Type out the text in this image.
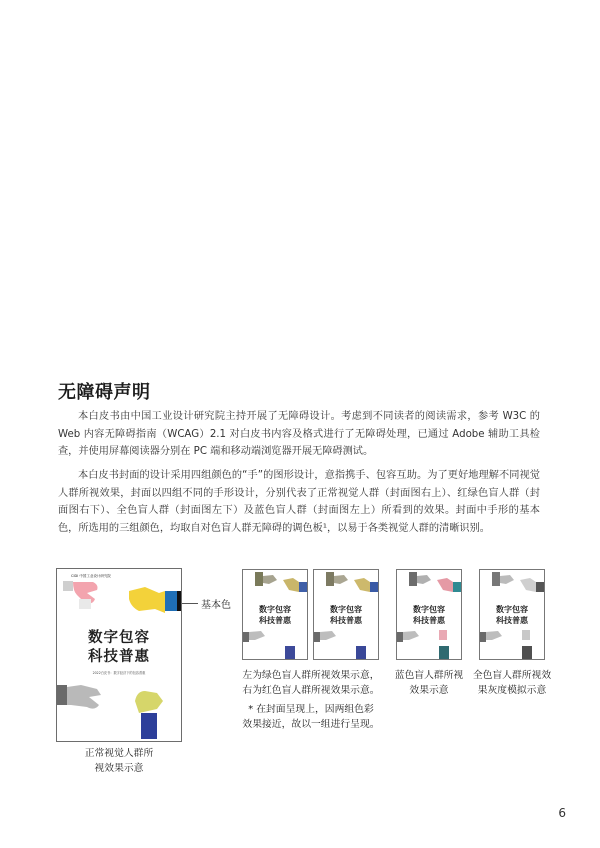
无障碍声明

本白皮书由中国工业设计研究院主持开展了无障碍设计。考虑到不同读者的阅读需求，参考 W3C 的 Web 内容无障碍指南（WCAG）2.1 对白皮书内容及格式进行了无障碍处理，已通过 Adobe 辅助工具检查，并使用屏幕阅读器分别在 PC 端和移动端浏览器开展无障碍测试。

本白皮书封面的设计采用四组颜色的“手”的图形设计，意指携手、包容互助。为了更好地理解不同视觉人群所视效果，封面以四组不同的手形设计，分别代表了正常视觉人群（封面图右上）、红绿色盲人群（封面图右下）、全色盲人群（封面图左下）及蓝色盲人群（封面图左上）所看到的效果。封面中手形的基本色，所选用的三组颜色，均取自对色盲人群无障碍的调色板¹，以易于各类视觉人群的清晰识别。

CIDI 中国工业设计研究院
数字包容
科技普惠
2022白皮书：数字经济下的包容普惠
基本色	数字包容
科技普惠
数字包容
科技普惠
数字包容
科技普惠
数字包容
科技普惠
正常视觉人群所
视效果示意
左为绿色盲人群所视效果示意，
右为红色盲人群所视效果示意。
* 在封面呈现上，因两组色彩
效果接近，故以一组进行呈现。
蓝色盲人群所视
效果示意
全色盲人群所视效
果灰度模拟示意
6
